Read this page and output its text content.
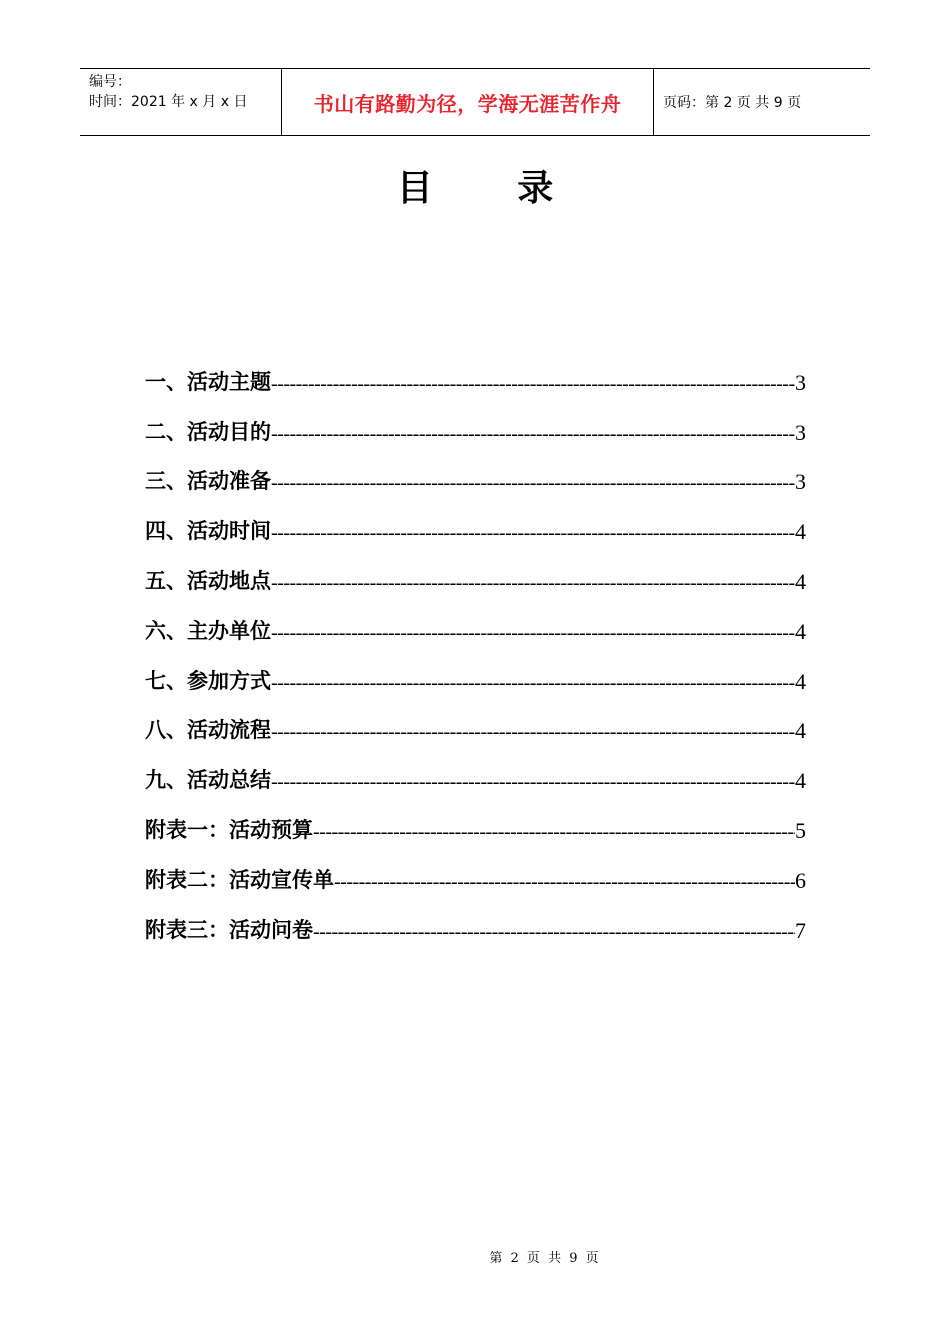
编号：
时间：2021 年 x 月 x 日	书山有路勤为径，学海无涯苦作舟	页码：第 2 页 共 9 页
目 录
一、活动主题 -----	3
二、活动目的 -----	3
三、活动准备 -----	3
四、活动时间 -----	4
五、活动地点 -----	4
六、主办单位 -----	4
七、参加方式 -----	4
八、活动流程 -----	4
九、活动总结 -----	4
附表一：活动预算 -----	5
附表二：活动宣传单 -----	6
附表三：活动问卷 -----	7
第 2 页 共 9 页
